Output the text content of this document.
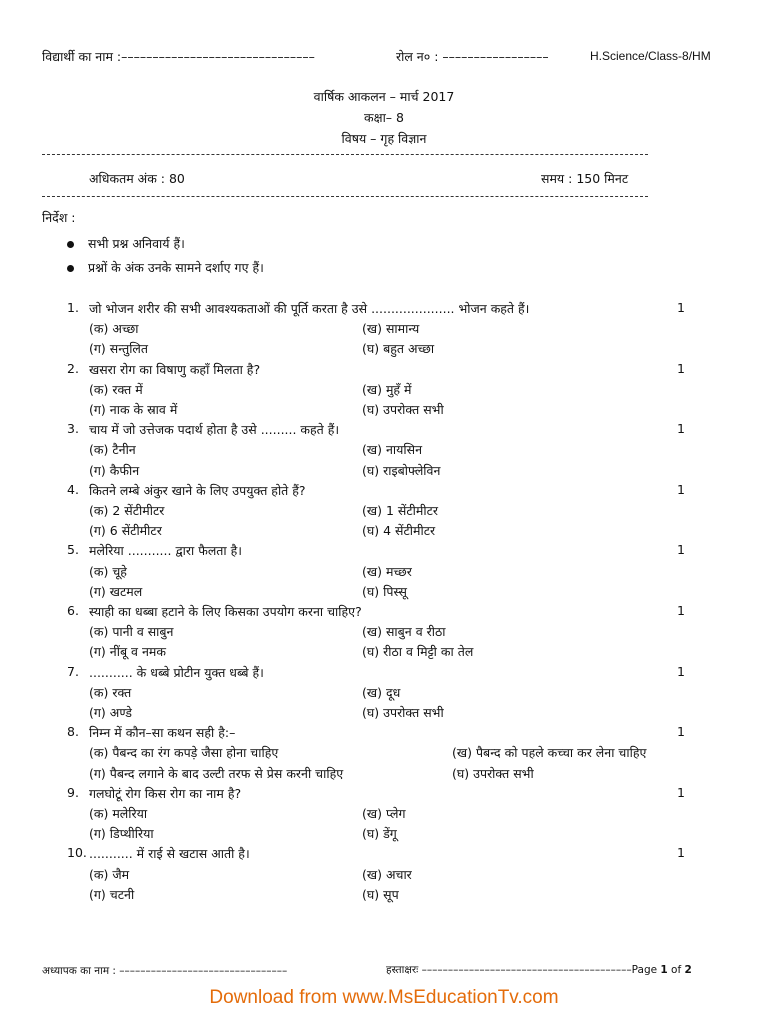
विद्यार्थी का नाम :–––––––––––––––––––––––––––––––	रोल न० : –––––––––––––––––	H.Science/Class-8/HM
वार्षिक आकलन – मार्च 2017
कक्षा– 8
विषय – गृह विज्ञान
अधिकतम अंक : 80	समय : 150 मिनट
निर्देश :
सभी प्रश्न अनिवार्य हैं।
प्रश्नों के अंक उनके सामने दर्शाए गए हैं।
1. जो भोजन शरीर की सभी आवश्यकताओं की पूर्ति करता है उसे ..................... भोजन कहते हैं।	1
(क) अच्छा	(ख) सामान्य
(ग) सन्तुलित	(घ) बहुत अच्छा
2. खसरा रोग का विषाणु कहाँ मिलता है?	1
(क) रक्त में	(ख) मुहँ में
(ग) नाक के स्राव में	(घ) उपरोक्त सभी
3. चाय में जो उत्तेजक पदार्थ होता है उसे ......... कहते हैं।	1
(क) टैनीन	(ख) नायसिन
(ग) कैफीन	(घ) राइबोफ्लेविन
4. कितने लम्बे अंकुर खाने के लिए उपयुक्त होते हैं?	1
(क) 2 सेंटीमीटर	(ख) 1 सेंटीमीटर
(ग) 6 सेंटीमीटर	(घ) 4 सेंटीमीटर
5. मलेरिया ........... द्वारा फैलता है।	1
(क) चूहे	(ख) मच्छर
(ग) खटमल	(घ) पिस्सू
6. स्याही का धब्बा हटाने के लिए किसका उपयोग करना चाहिए?	1
(क) पानी व साबुन	(ख) साबुन व रीठा
(ग) नींबू व नमक	(घ) रीठा व मिट्टी का तेल
7. ........... के धब्बे प्रोटीन युक्त धब्बे हैं।	1
(क) रक्त	(ख) दूध
(ग) अण्डे	(घ) उपरोक्त सभी
8. निम्न में कौन–सा कथन सही है:–	1
(क) पैबन्द का रंग कपड़े जैसा होना चाहिए	(ख) पैबन्द को पहले कच्चा कर लेना चाहिए
(ग) पैबन्द लगाने के बाद उल्टी तरफ से प्रेस करनी चाहिए	(घ) उपरोक्त सभी
9. गलघोटूं रोग किस रोग का नाम है?	1
(क) मलेरिया	(ख) प्लेग
(ग) डिप्थीरिया	(घ) डेंगू
10. ........... में राई से खटास आती है।	1
(क) जैम	(ख) अचार
(ग) चटनी	(घ) सूप
अध्यापक का नाम : ––––––––––––––––––––––––––––––––	हस्ताक्षरः ––––––––––––––––––––––––––––––––––––––––Page 1 of 2
Download from www.MsEducationTv.com
